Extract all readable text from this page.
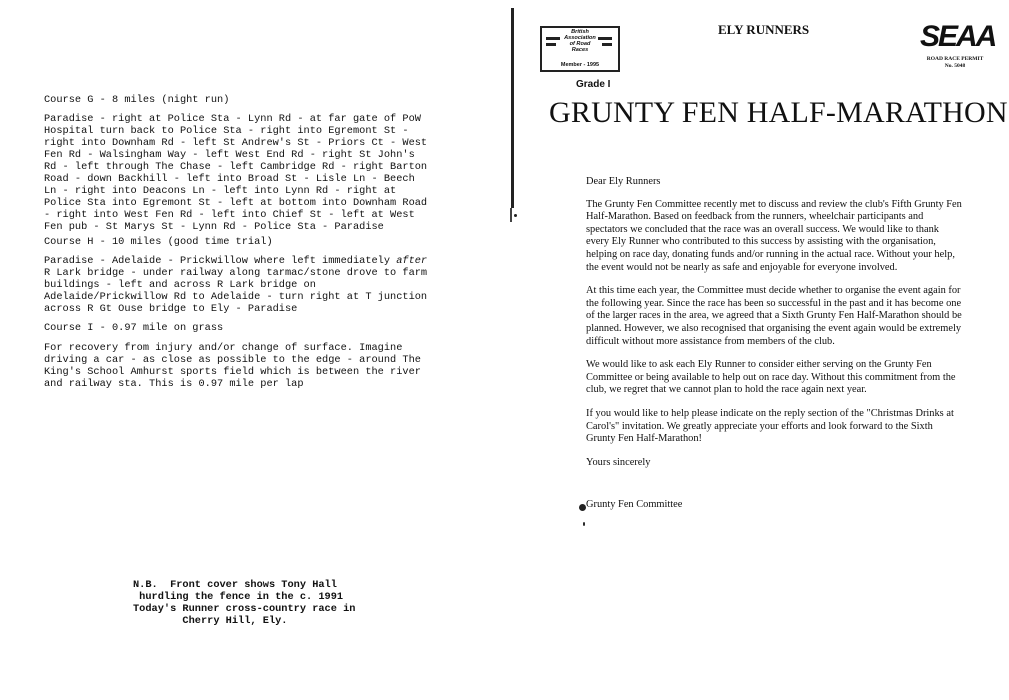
Course G - 8 miles (night run)
Paradise - right at Police Sta - Lynn Rd - at far gate of PoW
Hospital turn back to Police Sta - right into Egremont St -
right into Downham Rd - left St Andrew's St - Priors Ct - West
Fen Rd - Walsingham Way - left West End Rd - right St John's
Rd - left through The Chase - left Cambridge Rd - right Barton
Road - down Backhill - left into Broad St - Lisle Ln - Beech
Ln - right into Deacons Ln - left into Lynn Rd - right at
Police Sta into Egremont St - left at bottom into Downham Road
- right into West Fen Rd - left into Chief St - left at West
Fen pub - St Marys St - Lynn Rd - Police Sta - Paradise
Course H - 10 miles (good time trial)
Paradise - Adelaide - Prickwillow where left immediately after
R Lark bridge - under railway along tarmac/stone drove to farm
buildings - left and across R Lark bridge on
Adelaide/Prickwillow Rd to Adelaide - turn right at T junction
across R Gt Ouse bridge to Ely - Paradise
Course I - 0.97 mile on grass
For recovery from injury and/or change of surface. Imagine
driving a car - as close as possible to the edge - around The
King's School Amhurst sports field which is between the river
and railway sta. This is 0.97 mile per lap
N.B.  Front cover shows Tony Hall
hurdling the fence in the c. 1991
Today's Runner cross-country race in
Cherry Hill, Ely.
British
Association
of Road
Races
Member - 1995
Grade I
ELY RUNNERS	SEAA
ROAD RACE PERMIT
No. 5048
GRUNTY FEN HALF-MARATHON

Dear Ely Runners

The Grunty Fen Committee recently met to discuss and review the club's Fifth Grunty Fen Half-Marathon. Based on feedback from the runners, wheelchair participants and spectators we concluded that the race was an overall success. We would like to thank every Ely Runner who contributed to this success by assisting with the organisation, helping on race day, donating funds and/or running in the actual race. Without your help, the event would not be nearly as safe and enjoyable for everyone involved.

At this time each year, the Committee must decide whether to organise the event again for the following year. Since the race has been so successful in the past and it has become one of the larger races in the area, we agreed that a Sixth Grunty Fen Half-Marathon should be planned. However, we also recognised that organising the event again would be extremely difficult without more assistance from members of the club.

We would like to ask each Ely Runner to consider either serving on the Grunty Fen Committee or being available to help out on race day. Without this commitment from the club, we regret that we cannot plan to hold the race again next year.

If you would like to help please indicate on the reply section of the "Christmas Drinks at Carol's" invitation. We greatly appreciate your efforts and look forward to the Sixth Grunty Fen Half-Marathon!

Yours sincerely

Grunty Fen Committee
